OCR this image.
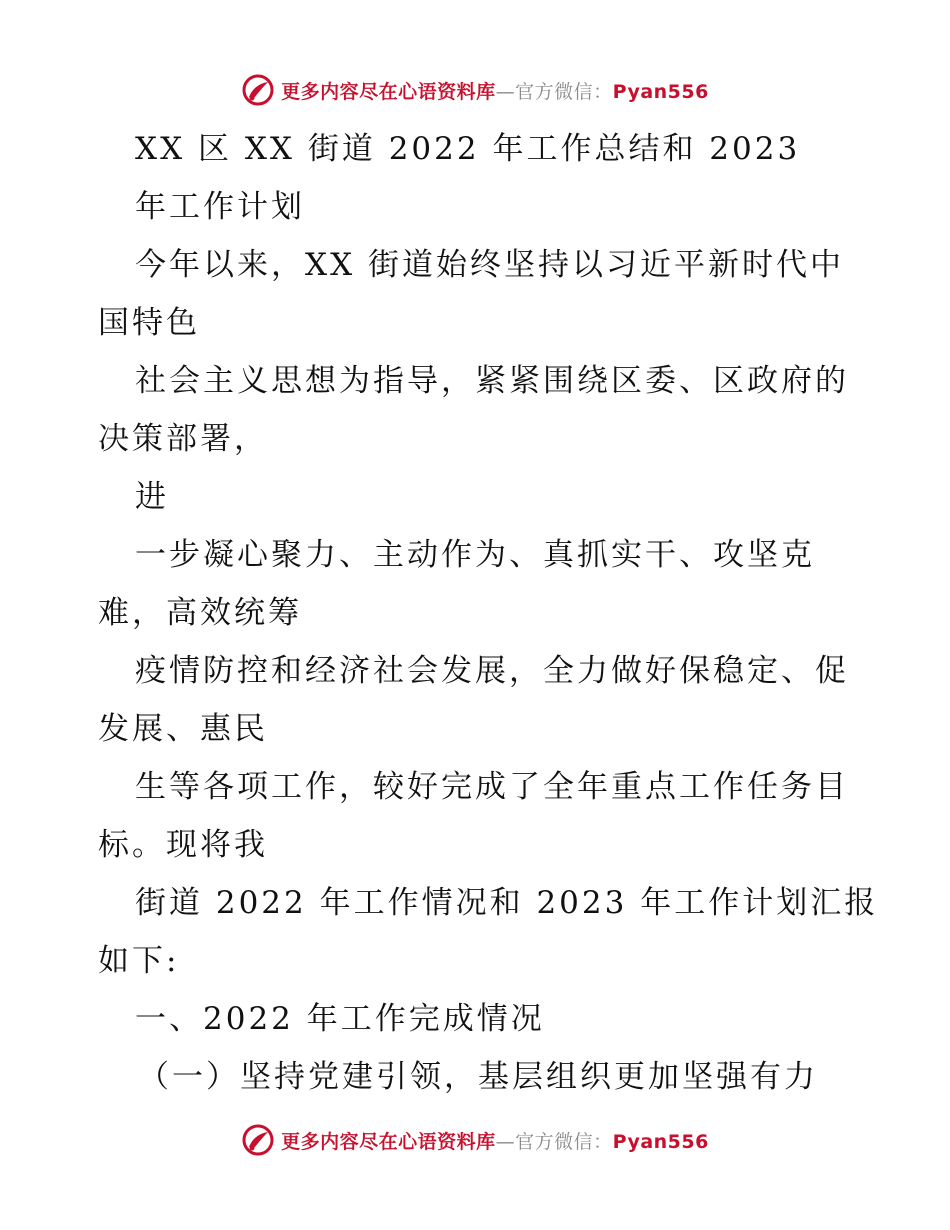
更多内容尽在心语资料库—官方微信：Pyan556
XX 区 XX 街道 2022 年工作总结和 2023
年工作计划
今年以来，XX 街道始终坚持以习近平新时代中
国特色
社会主义思想为指导，紧紧围绕区委、区政府的
决策部署，
进
一步凝心聚力、主动作为、真抓实干、攻坚克
难，高效统筹
疫情防控和经济社会发展，全力做好保稳定、促
发展、惠民
生等各项工作，较好完成了全年重点工作任务目
标。现将我
街道 2022 年工作情况和 2023 年工作计划汇报
如下:
一、2022 年工作完成情况
（一）坚持党建引领，基层组织更加坚强有力
更多内容尽在心语资料库—官方微信：Pyan556
